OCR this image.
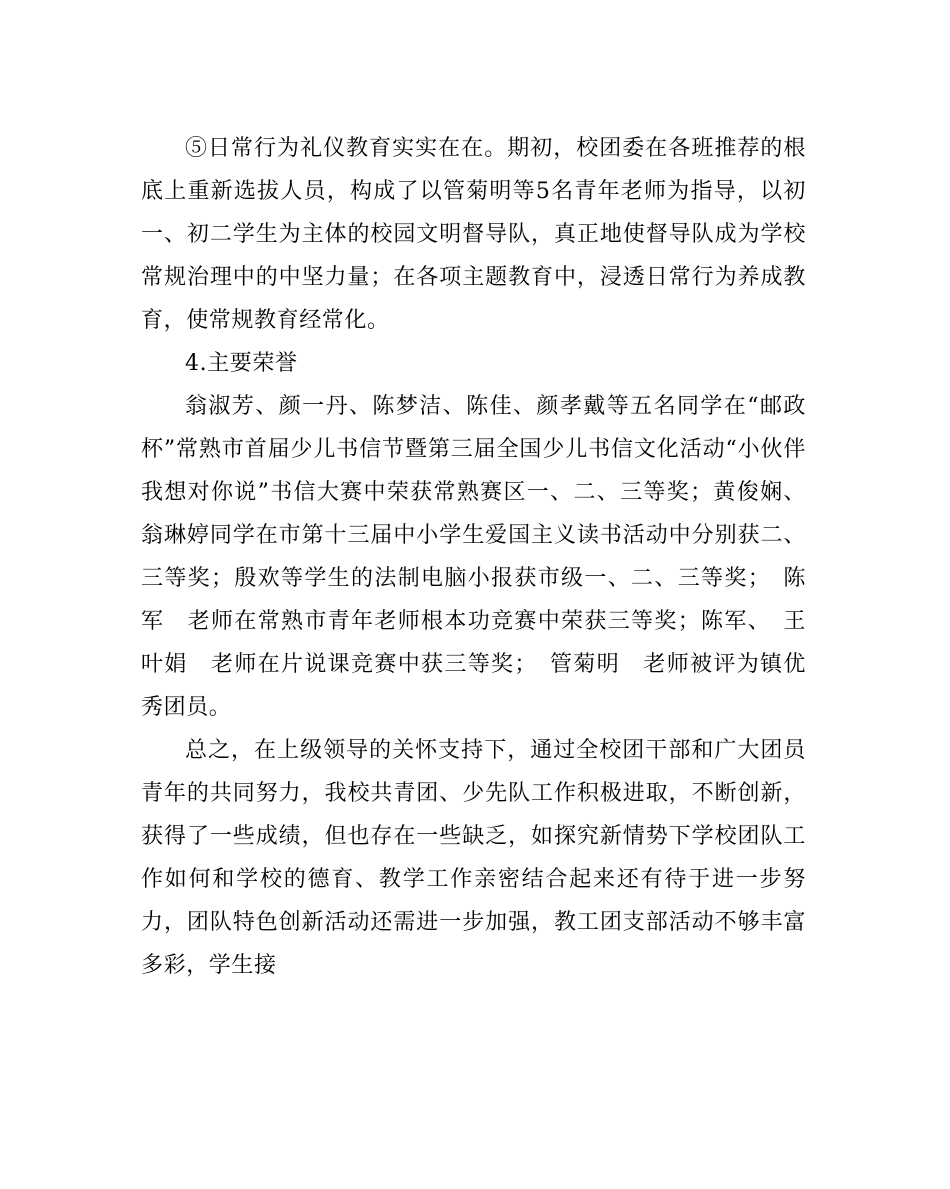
⑤日常行为礼仪教育实实在在。期初，校团委在各班推荐的根底上重新选拔人员，构成了以管菊明等5名青年老师为指导，以初一、初二学生为主体的校园文明督导队，真正地使督导队成为学校常规治理中的中坚力量；在各项主题教育中，浸透日常行为养成教育，使常规教育经常化。

4.主要荣誉

翁淑芳、颜一丹、陈梦洁、陈佳、颜孝戴等五名同学在“邮政杯”常熟市首届少儿书信节暨第三届全国少儿书信文化活动“小伙伴我想对你说”书信大赛中荣获常熟赛区一、二、三等奖；黄俊娴、翁琳婷同学在市第十三届中小学生爱国主义读书活动中分别获二、三等奖；殷欢等学生的法制电脑小报获市级一、二、三等奖；　陈军　老师在常熟市青年老师根本功竞赛中荣获三等奖；陈军、　王叶娟　老师在片说课竞赛中获三等奖；　管菊明　老师被评为镇优秀团员。

总之，在上级领导的关怀支持下，通过全校团干部和广大团员青年的共同努力，我校共青团、少先队工作积极进取，不断创新，获得了一些成绩，但也存在一些缺乏，如探究新情势下学校团队工作如何和学校的德育、教学工作亲密结合起来还有待于进一步努力，团队特色创新活动还需进一步加强，教工团支部活动不够丰富多彩，学生接
